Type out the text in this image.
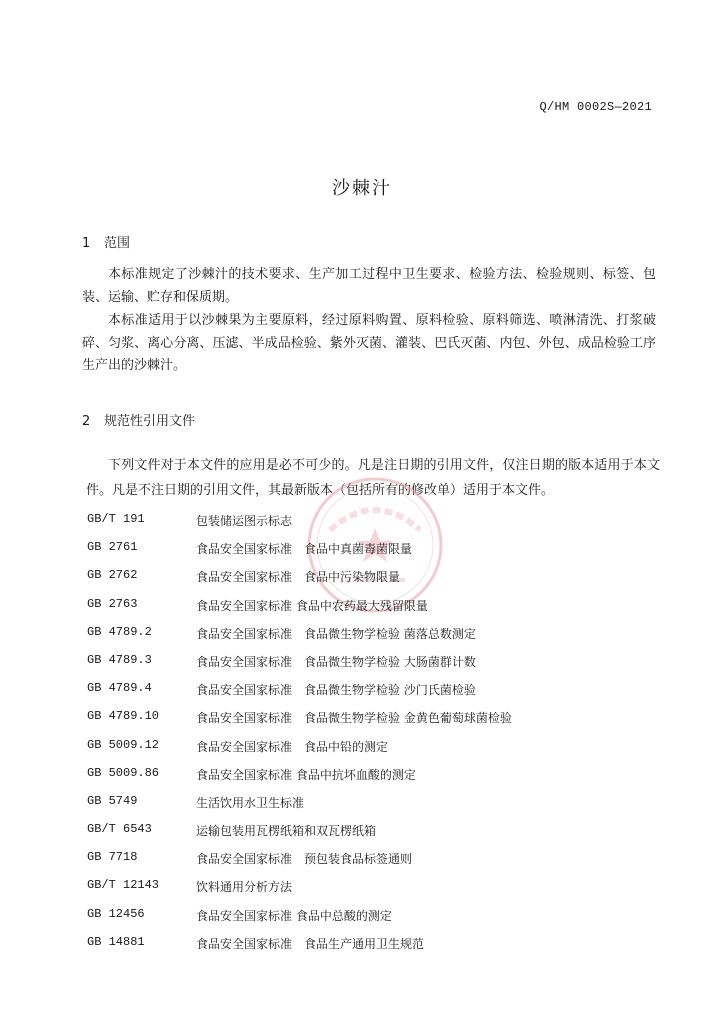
Q/HM 0002S—2021
沙棘汁
1 范围
本标准规定了沙棘汁的技术要求、生产加工过程中卫生要求、检验方法、检验规则、标签、包装、运输、贮存和保质期。
本标准适用于以沙棘果为主要原料，经过原料购置、原料检验、原料筛选、喷淋清洗、打浆破碎、匀浆、离心分离、压滤、半成品检验、紫外灭菌、灌装、巴氏灭菌、内包、外包、成品检验工序生产出的沙棘汁。
2 规范性引用文件
下列文件对于本文件的应用是必不可少的。凡是注日期的引用文件，仅注日期的版本适用于本文件。凡是不注日期的引用文件，其最新版本（包括所有的修改单）适用于本文件。
GB/T 191	包装储运图示标志
GB 2761	食品安全国家标准　食品中真菌毒菌限量
GB 2762	食品安全国家标准　食品中污染物限量
GB 2763	食品安全国家标准 食品中农药最大残留限量
GB 4789.2	食品安全国家标准　食品微生物学检验 菌落总数测定
GB 4789.3	食品安全国家标准　食品微生物学检验 大肠菌群计数
GB 4789.4	食品安全国家标准　食品微生物学检验 沙门氏菌检验
GB 4789.10	食品安全国家标准　食品微生物学检验 金黄色葡萄球菌检验
GB 5009.12	食品安全国家标准　食品中铅的测定
GB 5009.86	食品安全国家标准 食品中抗坏血酸的测定
GB 5749	生活饮用水卫生标准
GB/T 6543	运输包装用瓦楞纸箱和双瓦楞纸箱
GB 7718	食品安全国家标准　预包装食品标签通则
GB/T 12143	饮料通用分析方法
GB 12456	食品安全国家标准 食品中总酸的测定
GB 14881	食品安全国家标准　食品生产通用卫生规范
